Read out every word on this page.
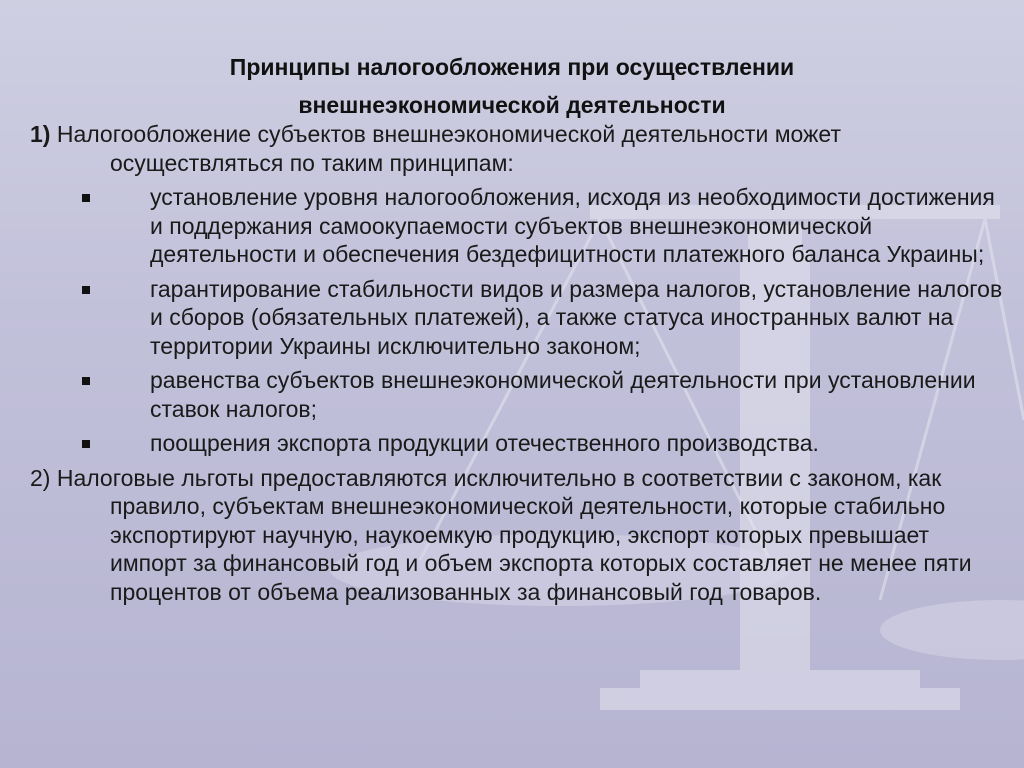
Принципы налогообложения при осуществлении
внешнеэкономической деятельности
1) Налогообложение субъектов внешнеэкономической деятельности может осуществляться по таким принципам:
установление уровня налогообложения, исходя из необходимости достижения и поддержания самоокупаемости субъектов внешнеэкономической деятельности и обеспечения бездефицитности платежного баланса Украины;
гарантирование стабильности видов и размера налогов, установление налогов и сборов (обязательных платежей), а также статуса иностранных валют на территории Украины исключительно законом;
равенства субъектов внешнеэкономической деятельности при установлении ставок налогов;
поощрения экспорта продукции отечественного производства.
2) Налоговые льготы предоставляются исключительно в соответствии с законом, как правило, субъектам внешнеэкономической деятельности, которые стабильно экспортируют научную, наукоемкую продукцию, экспорт которых превышает импорт за финансовый год и объем экспорта которых составляет не менее пяти процентов от объема реализованных за финансовый год товаров.
